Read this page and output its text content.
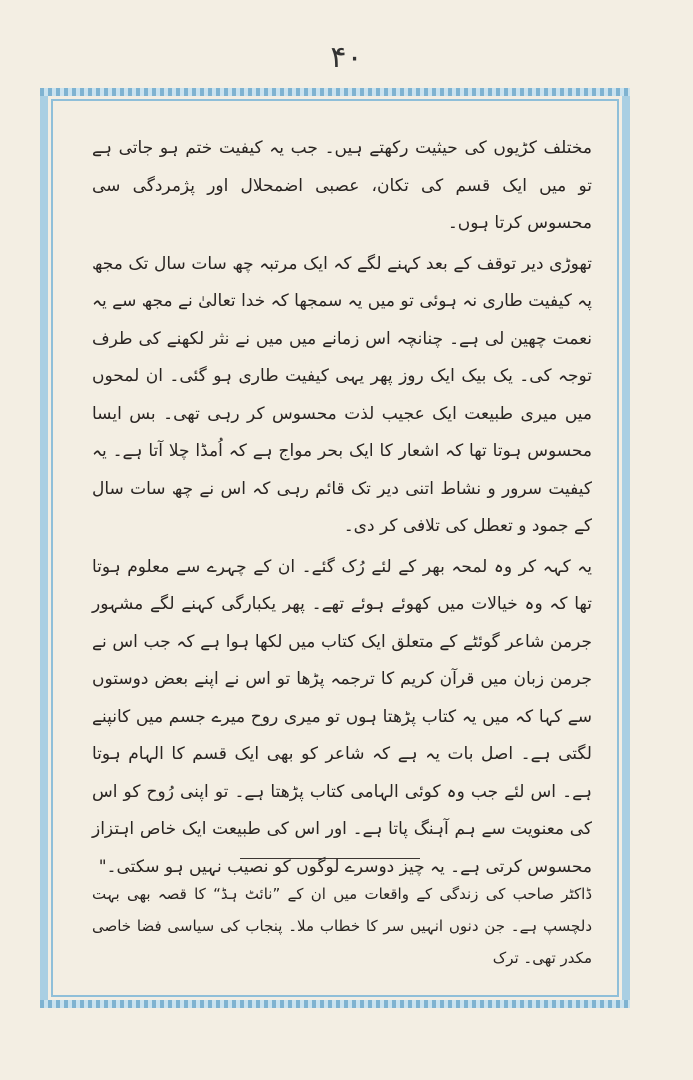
۴۰

مختلف کڑیوں کی حیثیت رکھتے ہیں۔ جب یہ کیفیت ختم ہو جاتی ہے تو میں ایک قسم کی تکان، عصبی اضمحلال اور پژمردگی سی محسوس کرتا ہوں۔

تھوڑی دیر توقف کے بعد کہنے لگے کہ ایک مرتبہ چھ سات سال تک مجھ پہ کیفیت طاری نہ ہوئی تو میں یہ سمجھا کہ خدا تعالیٰ نے مجھ سے یہ نعمت چھین لی ہے۔ چنانچہ اس زمانے میں میں نے نثر لکھنے کی طرف توجہ کی۔ یک بیک ایک روز پھر یہی کیفیت طاری ہو گئی۔ ان لمحوں میں میری طبیعت ایک عجیب لذت محسوس کر رہی تھی۔ بس ایسا محسوس ہوتا تھا کہ اشعار کا ایک بحر مواج ہے کہ اُمڈا چلا آتا ہے۔ یہ کیفیت سرور و نشاط اتنی دیر تک قائم رہی کہ اس نے چھ سات سال کے جمود و تعطل کی تلافی کر دی۔

یہ کہہ کر وہ لمحہ بھر کے لئے رُک گئے۔ ان کے چہرے سے معلوم ہوتا تھا کہ وہ خیالات میں کھوئے ہوئے تھے۔ پھر یکبارگی کہنے لگے مشہور جرمن شاعر گوئٹے کے متعلق ایک کتاب میں لکھا ہوا ہے کہ جب اس نے جرمن زبان میں قرآن کریم کا ترجمہ پڑھا تو اس نے اپنے بعض دوستوں سے کہا کہ میں یہ کتاب پڑھتا ہوں تو میری روح میرے جسم میں کانپنے لگتی ہے۔ اصل بات یہ ہے کہ شاعر کو بھی ایک قسم کا الہام ہوتا ہے۔ اس لئے جب وہ کوئی الہامی کتاب پڑھتا ہے۔ تو اپنی رُوح کو اس کی معنویت سے ہم آہنگ پاتا ہے۔ اور اس کی طبیعت ایک خاص اہتزاز محسوس کرتی ہے۔ یہ چیز دوسرے لوگوں کو نصیب نہیں ہو سکتی۔"

ڈاکٹر صاحب کی زندگی کے واقعات میں ان کے ”نائٹ ہڈ“ کا قصہ بھی بہت دلچسپ ہے۔ جن دنوں انہیں سر کا خطاب ملا۔ پنجاب کی سیاسی فضا خاصی مکدر تھی۔ ترک
